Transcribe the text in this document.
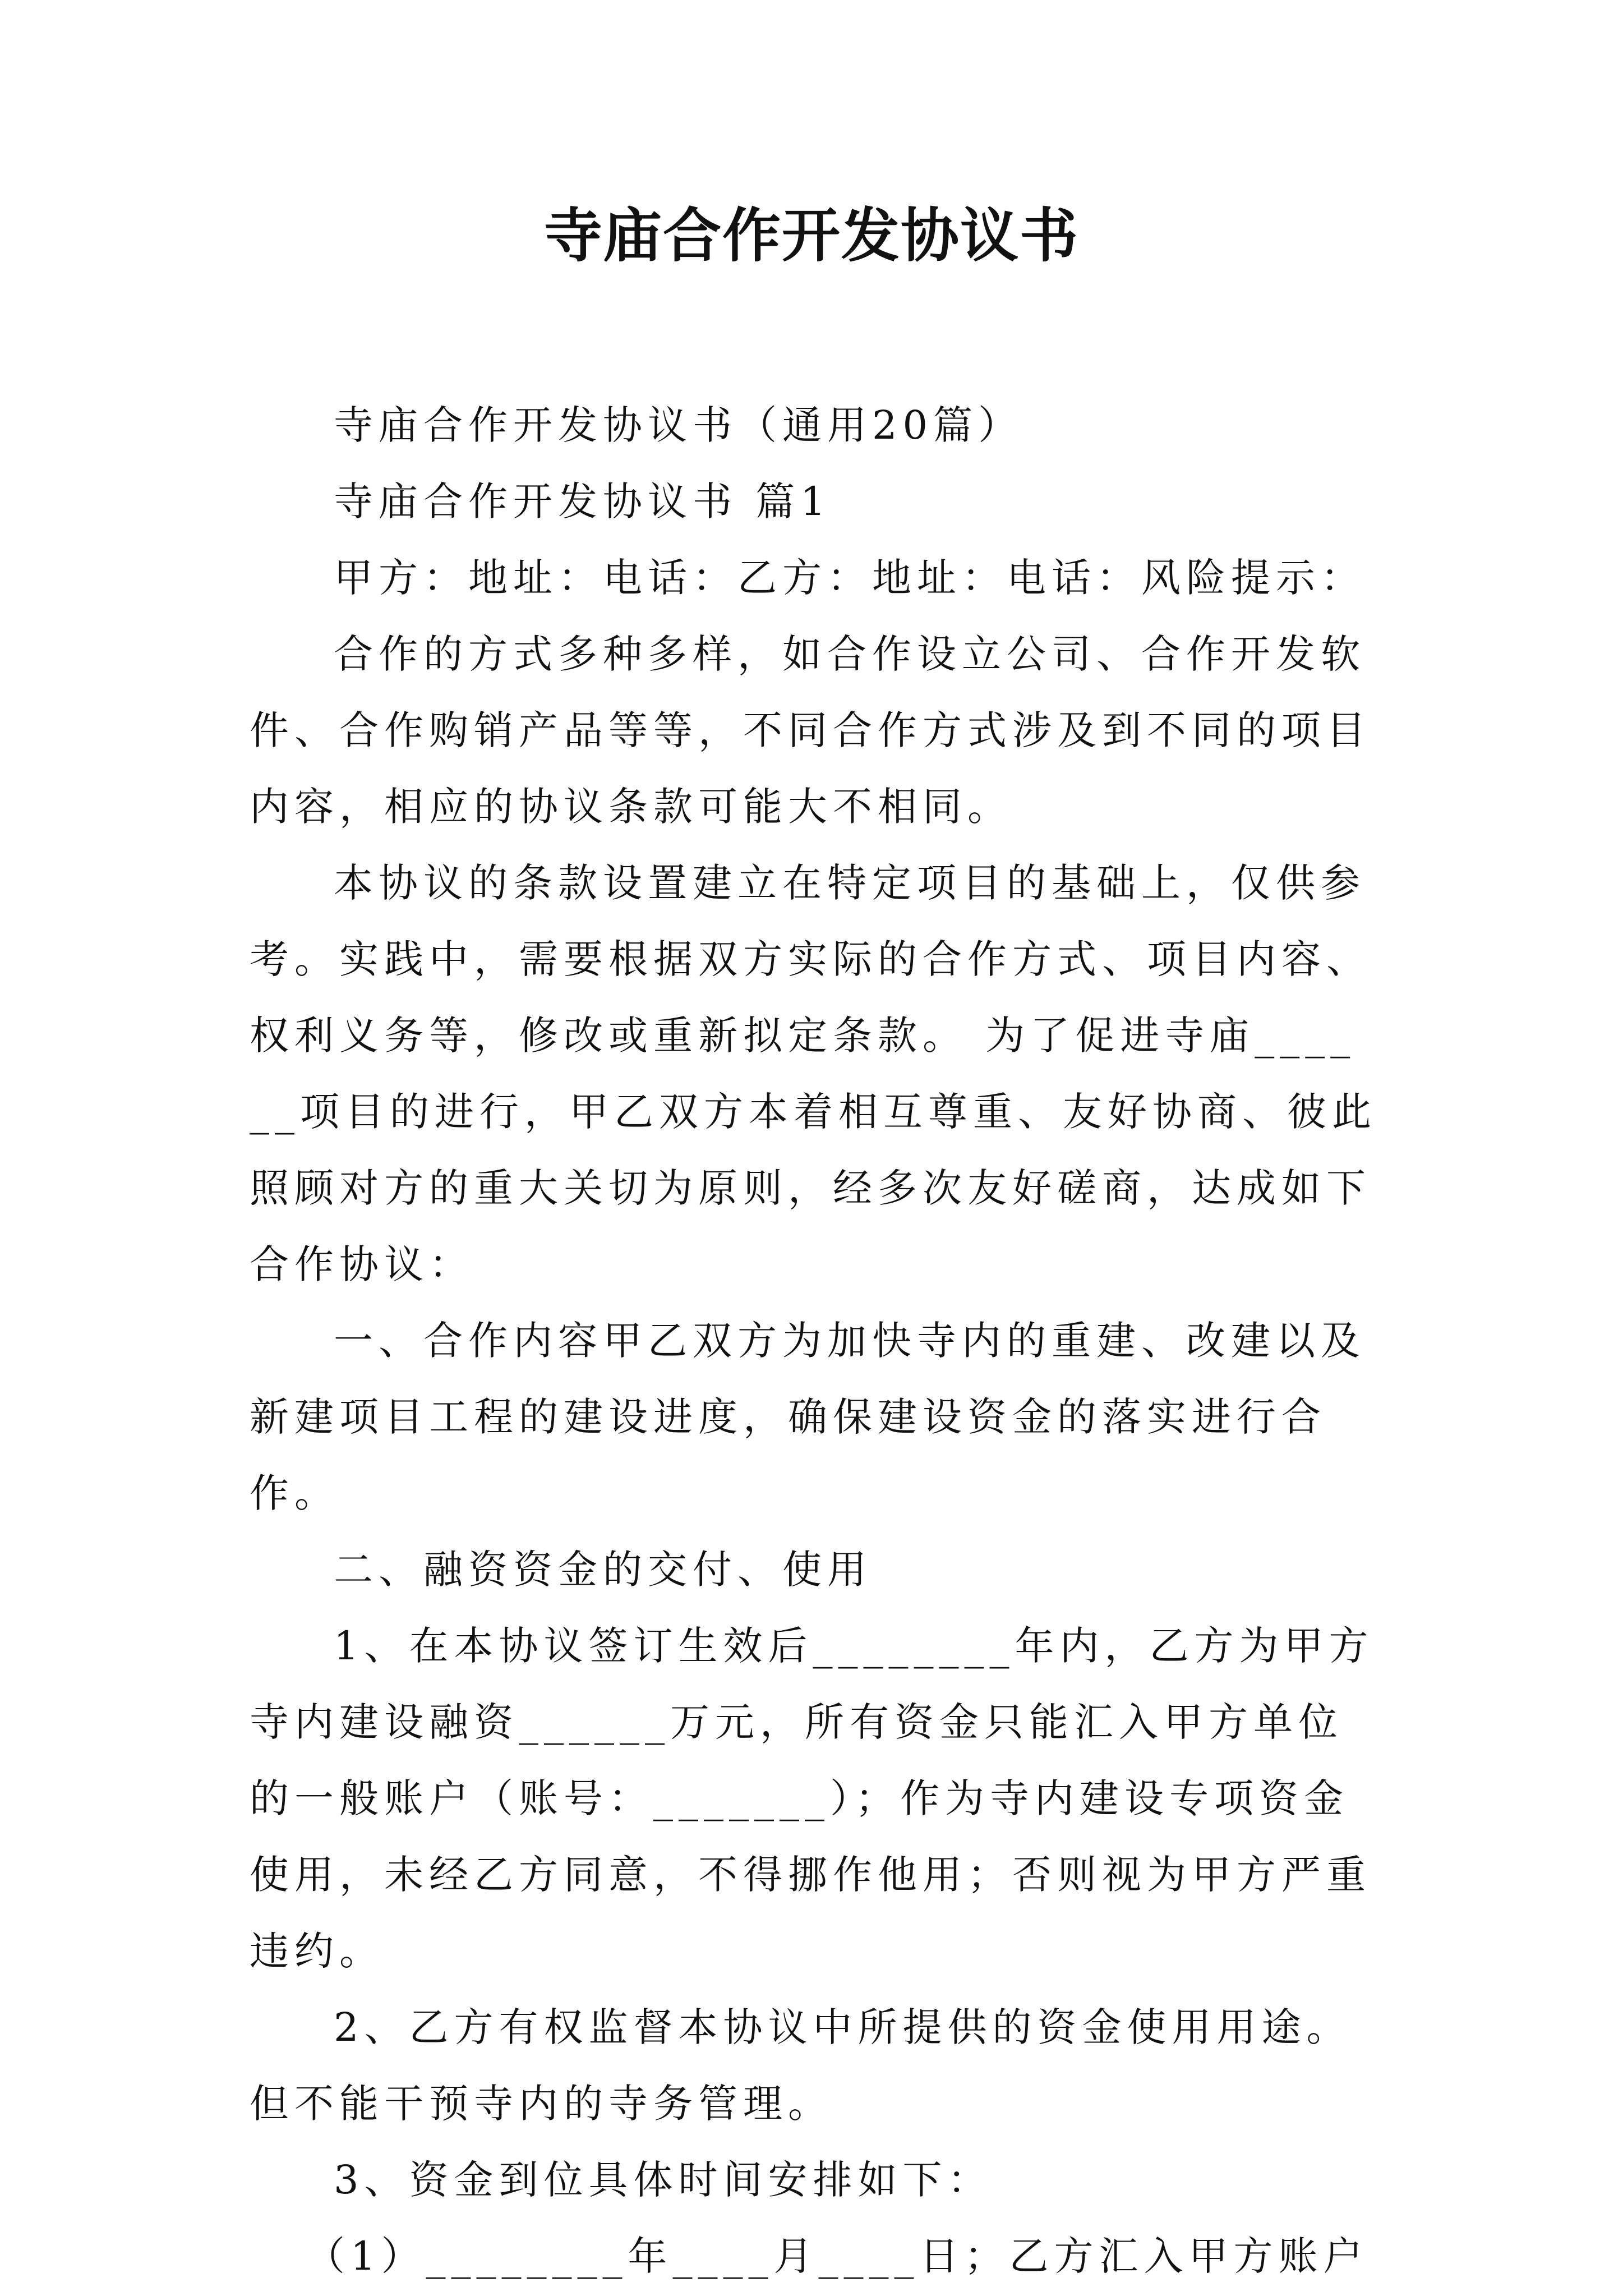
寺庙合作开发协议书

寺庙合作开发协议书（通用20篇）

寺庙合作开发协议书 篇1

甲方：地址：电话：乙方：地址：电话：风险提示：

合作的方式多种多样，如合作设立公司、合作开发软件、合作购销产品等等，不同合作方式涉及到不同的项目内容，相应的协议条款可能大不相同。

本协议的条款设置建立在特定项目的基础上，仅供参考。实践中，需要根据双方实际的合作方式、项目内容、权利义务等，修改或重新拟定条款。 为了促进寺庙______项目的进行，甲乙双方本着相互尊重、友好协商、彼此照顾对方的重大关切为原则，经多次友好磋商，达成如下合作协议：

一、合作内容甲乙双方为加快寺内的重建、改建以及新建项目工程的建设进度，确保建设资金的落实进行合作。

二、融资资金的交付、使用

1、在本协议签订生效后________年内，乙方为甲方寺内建设融资______万元，所有资金只能汇入甲方单位的一般账户（账号：_______）；作为寺内建设专项资金使用，未经乙方同意，不得挪作他用；否则视为甲方严重违约。

2、乙方有权监督本协议中所提供的资金使用用途。但不能干预寺内的寺务管理。

3、资金到位具体时间安排如下：

（1）________年____月____日；乙方汇入甲方账户
